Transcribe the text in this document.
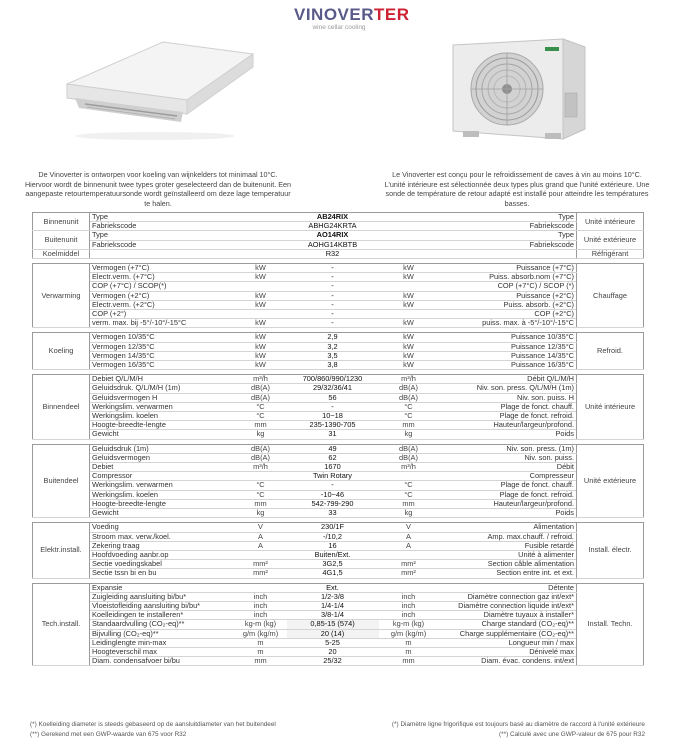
VINOVERTER
wine cellar cooling
De Vinoverter is ontworpen voor koeling van wijnkelders tot minimaal 10°C. Hiervoor wordt de binnenunit twee types groter geselecteerd dan de buitenunit. Een aangepaste retourtemperatuursonde wordt geïnstalleerd om deze lage temperatuur te halen.
Le Vinoverter est conçu pour le refroidissement de caves à vin au moins 10°C. L'unité intérieure est sélectionnée deux types plus grand que l'unité extérieure. Une sonde de température de retour adapté est installé pour atteindre les températures basses.
Binnenunit	Type		AB24RIX		Type	Unité intérieure
	Fabriekscode		ABHG24KRTA		Fabriekscode	
Buitenunit	Type		AO14RIX		Type	Unité extérieure
	Fabriekscode		AOHG14KBTB		Fabriekscode	
Koelmiddel			R32			Réfrigérant

Verwarming	Vermogen (+7°C)	kW	-	kW	Puissance (+7°C)	Chauffage
	Electr.verm. (+7°C)	kW	-	kW	Puiss. absorb.nom (+7°C)	
	COP (+7°C) / SCOP(*)		-		COP (+7°C) / SCOP (*)	
	Vermogen (+2°C)	kW	-	kW	Puissance (+2°C)	
	Electr.verm. (+2°C)	kW	-	kW	Puiss. absorb. (+2°C)	
	COP (+2°)		-		COP (+2°C)	
	verm. max. bij -5°/-10°/-15°C	kW	-	kW	puiss. max. à -5°/-10°/-15°C	

Koeling	Vermogen 10/35°C	kW	2,9	kW	Puissance 10/35°C	Refroid.
	Vermogen 12/35°C	kW	3,2	kW	Puissance 12/35°C	
	Vermogen 14/35°C	kW	3,5	kW	Puissance 14/35°C	
	Vermogen 16/35°C	kW	3,8	kW	Puissance 16/35°C	

Binnendeel	Debiet Q/L/M/H	m³/h	700/860/990/1230	m³/h	Débit Q/L/M/H	Unité intérieure
	Geluidsdruk. Q/L/M/H (1m)	dB(A)	29/32/36/41	dB(A)	Niv. son. press. Q/L/M/H (1m)	
	Geluidsvermogen H	dB(A)	56	dB(A)	Niv. son. puiss. H	
	Werkingslim. verwarmen	°C	-	°C	Plage de fonct. chauff.	
	Werkingslim. koelen	°C	10~18	°C	Plage de fonct. refroid.	
	Hoogte-breedte-lengte	mm	235-1390-705	mm	Hauteur/largeur/profond.	
	Gewicht	kg	31	kg	Poids	

Buitendeel	Geluidsdruk (1m)	dB(A)	49	dB(A)	Niv. son. press. (1m)	Unité extérieure
	Geluidsvermogen	dB(A)	62	dB(A)	Niv. son. puiss.	
	Debiet	m³/h	1670	m³/h	Débit	
	Compressor		Twin Rotary		Compresseur	
	Werkingslim. verwarmen	°C	-	°C	Plage de fonct. chauff.	
	Werkingslim. koelen	°C	-10~46	°C	Plage de fonct. refroid.	
	Hoogte-breedte-lengte	mm	542-799-290	mm	Hauteur/largeur/profond.	
	Gewicht	kg	33	kg	Poids	

Elektr.install.	Voeding	V	230/1F	V	Alimentation	Install. électr.
	Stroom max. verw./koel.	A	-/10,2	A	Amp. max.chauff. / refroid.	
	Zekering traag	A	16	A	Fusible retardé	
	Hoofdvoeding aanbr.op		Buiten/Ext.		Unité à alimenter	
	Sectie voedingskabel	mm²	3G2,5	mm²	Section câble alimentation	
	Sectie tssn bi en bu	mm²	4G1,5	mm²	Section entre int. et ext.	

Tech.install.	Expansie		Ext.		Détente	Install. Techn.
	Zuigleiding aansluiting bi/bu*	inch	1/2-3/8	inch	Diamètre connection gaz int/ext*	
	Vloeistofleiding aansluiting bi/bu*	inch	1/4-1/4	inch	Diamètre connection liquide int/ext*	
	Koelleidingen te installeren*	inch	3/8-1/4	inch	Diamètre tuyaux à installer*	
	Standaardvulling (CO₂-eq)**	kg-m (kg)	0,85-15 (574)	kg-m (kg)	Charge standard (CO₂-eq)**	
	Bijvulling (CO₂-eq)**	g/m (kg/m)	20 (14)	g/m (kg/m)	Charge supplémentaire (CO₂-eq)**	
	Leidinglengte min-max	m	5-25	m	Longueur min / max	
	Hoogteverschil max	m	20	m	Dénivelé max	
	Diam. condensafvoer bi/bu	mm	25/32	mm	Diam. évac. condens. int/ext	
(*) Koelleiding diameter is steeds gebaseerd op de aansluitdiameter van het buitendeel	(*) Diamètre ligne frigorifique est toujours basé au diamètre de raccord à l'unité extérieure
(**) Gerekend met een GWP-waarde van 675 voor R32	(**) Calculé avec une GWP-valeur de 675 pour R32
